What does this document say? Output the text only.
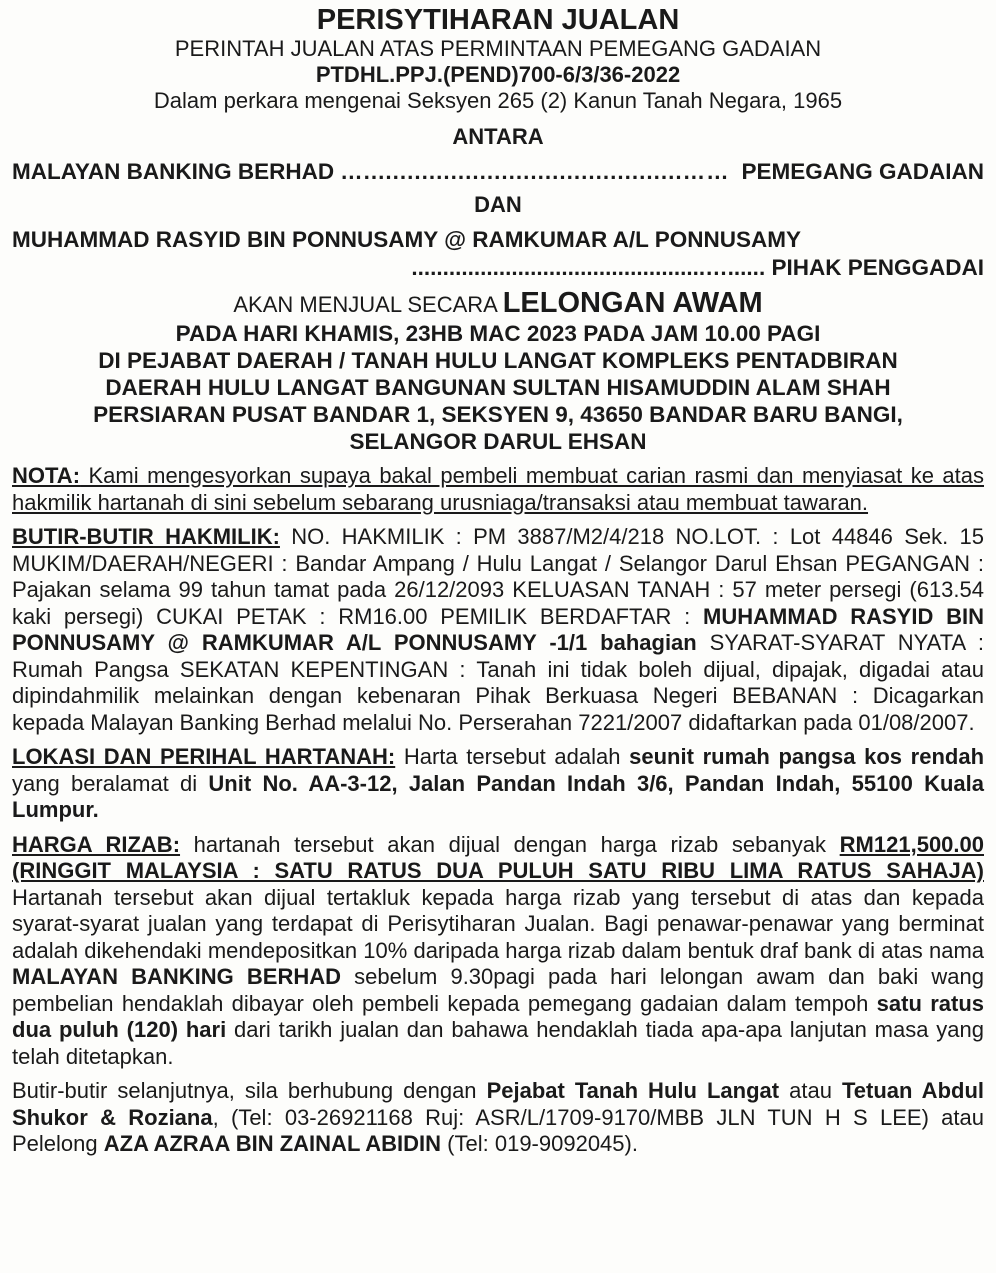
PERISYTIHARAN JUALAN
PERINTAH JUALAN ATAS PERMINTAAN PEMEGANG GADAIAN
PTDHL.PPJ.(PEND)700-6/3/36-2022
Dalam perkara mengenai Seksyen 265 (2) Kanun Tanah Negara, 1965
ANTARA
MALAYAN BANKING BERHAD …............................................…… PEMEGANG GADAIAN
DAN
MUHAMMAD RASYID BIN PONNUSAMY @ RAMKUMAR A/L PONNUSAMY
...............................................…...... PIHAK PENGGADAI
AKAN MENJUAL SECARA LELONGAN AWAM
PADA HARI KHAMIS, 23HB MAC 2023 PADA JAM 10.00 PAGI
DI PEJABAT DAERAH / TANAH HULU LANGAT KOMPLEKS PENTADBIRAN
DAERAH HULU LANGAT BANGUNAN SULTAN HISAMUDDIN ALAM SHAH
PERSIARAN PUSAT BANDAR 1, SEKSYEN 9, 43650 BANDAR BARU BANGI,
SELANGOR DARUL EHSAN
NOTA: Kami mengesyorkan supaya bakal pembeli membuat carian rasmi dan menyiasat ke atas hakmilik hartanah di sini sebelum sebarang urusniaga/transaksi atau membuat tawaran.
BUTIR-BUTIR HAKMILIK: NO. HAKMILIK : PM 3887/M2/4/218 NO.LOT. : Lot 44846 Sek. 15 MUKIM/DAERAH/NEGERI : Bandar Ampang / Hulu Langat / Selangor Darul Ehsan PEGANGAN : Pajakan selama 99 tahun tamat pada 26/12/2093 KELUASAN TANAH : 57 meter persegi (613.54 kaki persegi) CUKAI PETAK : RM16.00 PEMILIK BERDAFTAR : MUHAMMAD RASYID BIN PONNUSAMY @ RAMKUMAR A/L PONNUSAMY -1/1 bahagian SYARAT-SYARAT NYATA : Rumah Pangsa SEKATAN KEPENTINGAN : Tanah ini tidak boleh dijual, dipajak, digadai atau dipindahmilik melainkan dengan kebenaran Pihak Berkuasa Negeri BEBANAN : Dicagarkan kepada Malayan Banking Berhad melalui No. Perserahan 7221/2007 didaftarkan pada 01/08/2007.
LOKASI DAN PERIHAL HARTANAH: Harta tersebut adalah seunit rumah pangsa kos rendah yang beralamat di Unit No. AA-3-12, Jalan Pandan Indah 3/6, Pandan Indah, 55100 Kuala Lumpur.
HARGA RIZAB: hartanah tersebut akan dijual dengan harga rizab sebanyak RM121,500.00 (RINGGIT MALAYSIA : SATU RATUS DUA PULUH SATU RIBU LIMA RATUS SAHAJA) Hartanah tersebut akan dijual tertakluk kepada harga rizab yang tersebut di atas dan kepada syarat-syarat jualan yang terdapat di Perisytiharan Jualan. Bagi penawar-penawar yang berminat adalah dikehendaki mendepositkan 10% daripada harga rizab dalam bentuk draf bank di atas nama MALAYAN BANKING BERHAD sebelum 9.30pagi pada hari lelongan awam dan baki wang pembelian hendaklah dibayar oleh pembeli kepada pemegang gadaian dalam tempoh satu ratus dua puluh (120) hari dari tarikh jualan dan bahawa hendaklah tiada apa-apa lanjutan masa yang telah ditetapkan.
Butir-butir selanjutnya, sila berhubung dengan Pejabat Tanah Hulu Langat atau Tetuan Abdul Shukor & Roziana, (Tel: 03-26921168 Ruj: ASR/L/1709-9170/MBB JLN TUN H S LEE) atau Pelelong AZA AZRAA BIN ZAINAL ABIDIN (Tel: 019-9092045).
